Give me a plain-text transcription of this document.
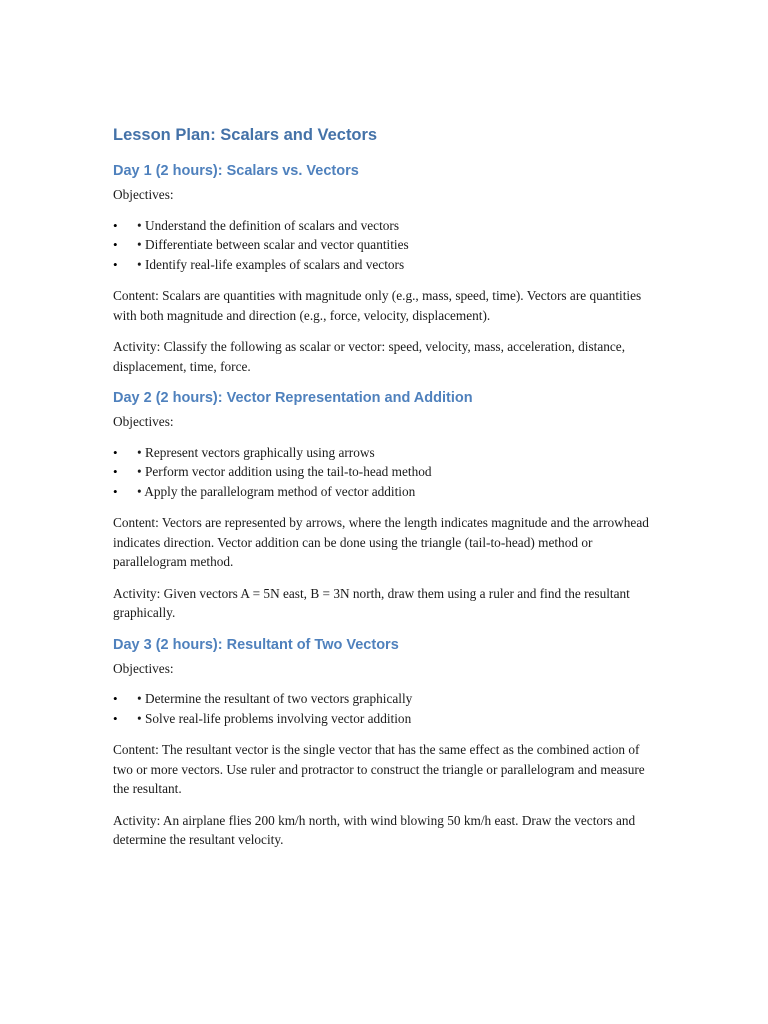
Lesson Plan: Scalars and Vectors
Day 1 (2 hours): Scalars vs. Vectors

Objectives:

• • Understand the definition of scalars and vectors
• • Differentiate between scalar and vector quantities
• • Identify real-life examples of scalars and vectors

Content: Scalars are quantities with magnitude only (e.g., mass, speed, time). Vectors are quantities with both magnitude and direction (e.g., force, velocity, displacement).

Activity: Classify the following as scalar or vector: speed, velocity, mass, acceleration, distance, displacement, time, force.

Day 2 (2 hours): Vector Representation and Addition

Objectives:

• • Represent vectors graphically using arrows
• • Perform vector addition using the tail-to-head method
• • Apply the parallelogram method of vector addition

Content: Vectors are represented by arrows, where the length indicates magnitude and the arrowhead indicates direction. Vector addition can be done using the triangle (tail-to-head) method or parallelogram method.

Activity: Given vectors A = 5N east, B = 3N north, draw them using a ruler and find the resultant graphically.

Day 3 (2 hours): Resultant of Two Vectors

Objectives:

• • Determine the resultant of two vectors graphically
• • Solve real-life problems involving vector addition

Content: The resultant vector is the single vector that has the same effect as the combined action of two or more vectors. Use ruler and protractor to construct the triangle or parallelogram and measure the resultant.

Activity: An airplane flies 200 km/h north, with wind blowing 50 km/h east. Draw the vectors and determine the resultant velocity.
